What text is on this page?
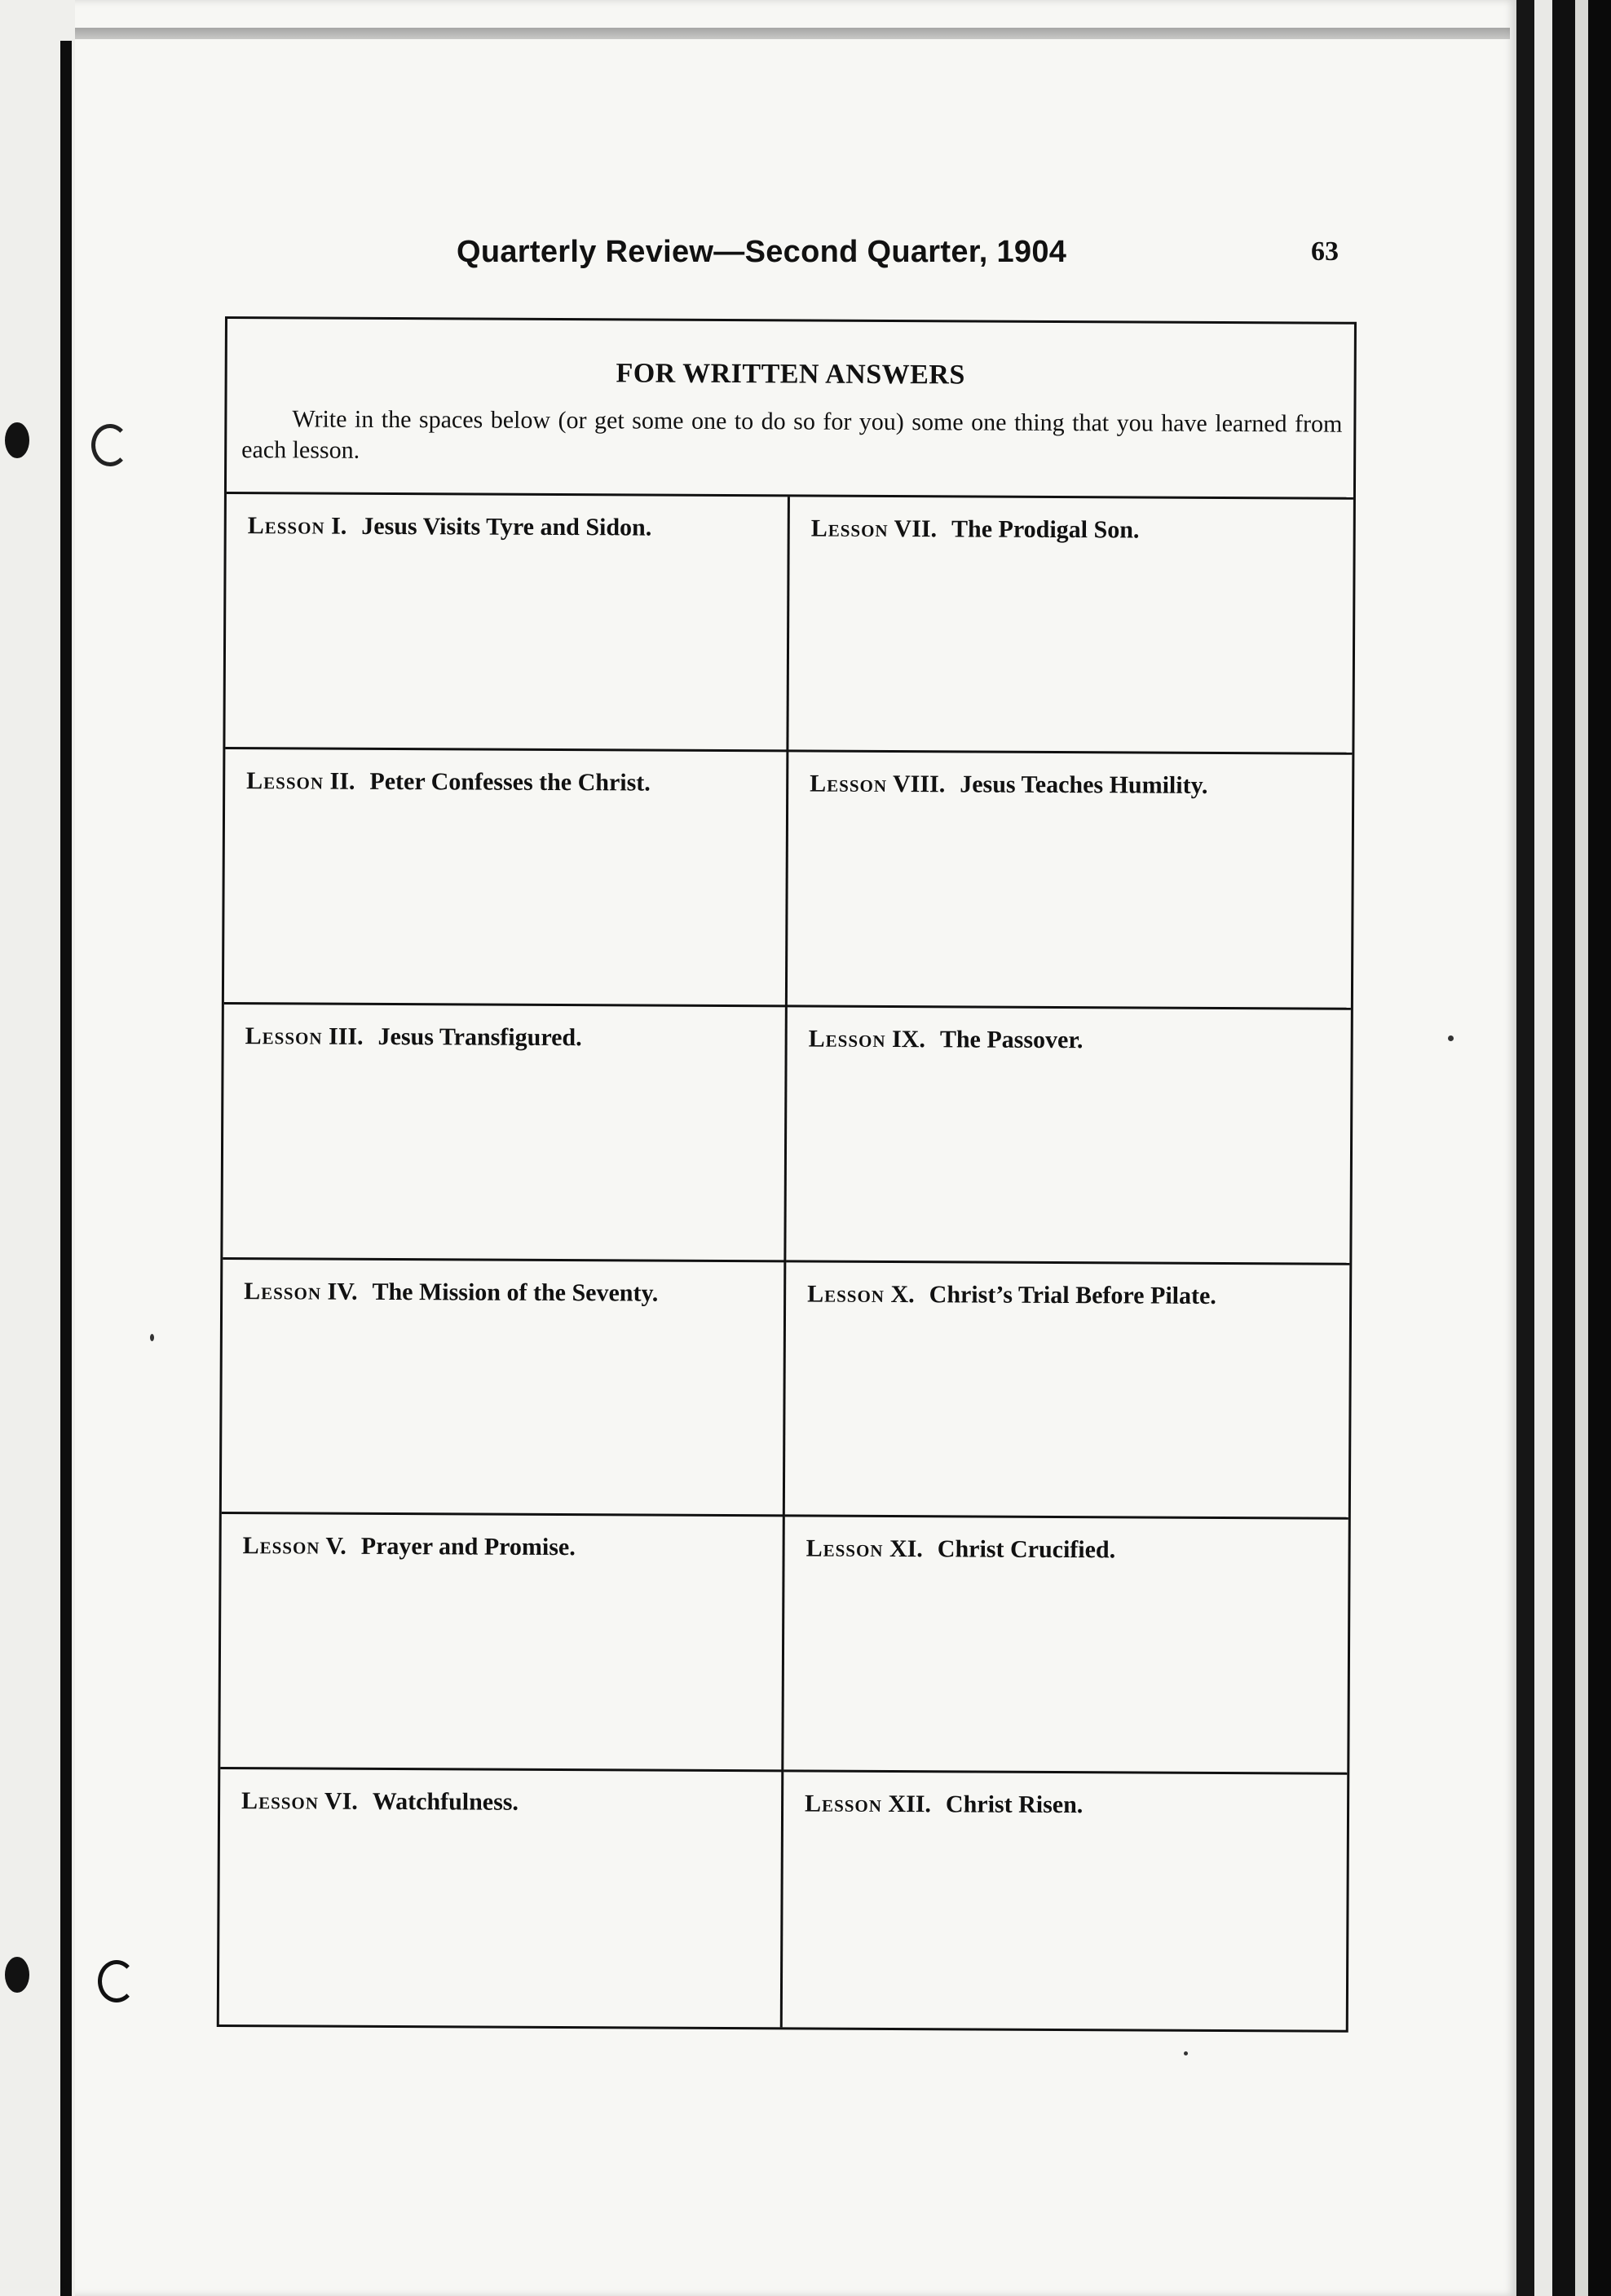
Quarterly Review—Second Quarter, 1904	63
FOR WRITTEN ANSWERS
Write in the spaces below (or get some one to do so for you) some one thing that you have learned from each lesson.
Lesson I. Jesus Visits Tyre and Sidon.	Lesson VII. The Prodigal Son.
Lesson II. Peter Confesses the Christ.	Lesson VIII. Jesus Teaches Humility.
Lesson III. Jesus Transfigured.	Lesson IX. The Passover.
Lesson IV. The Mission of the Seventy.	Lesson X. Christ’s Trial Before Pilate.
Lesson V. Prayer and Promise.	Lesson XI. Christ Crucified.
Lesson VI. Watchfulness.	Lesson XII. Christ Risen.
